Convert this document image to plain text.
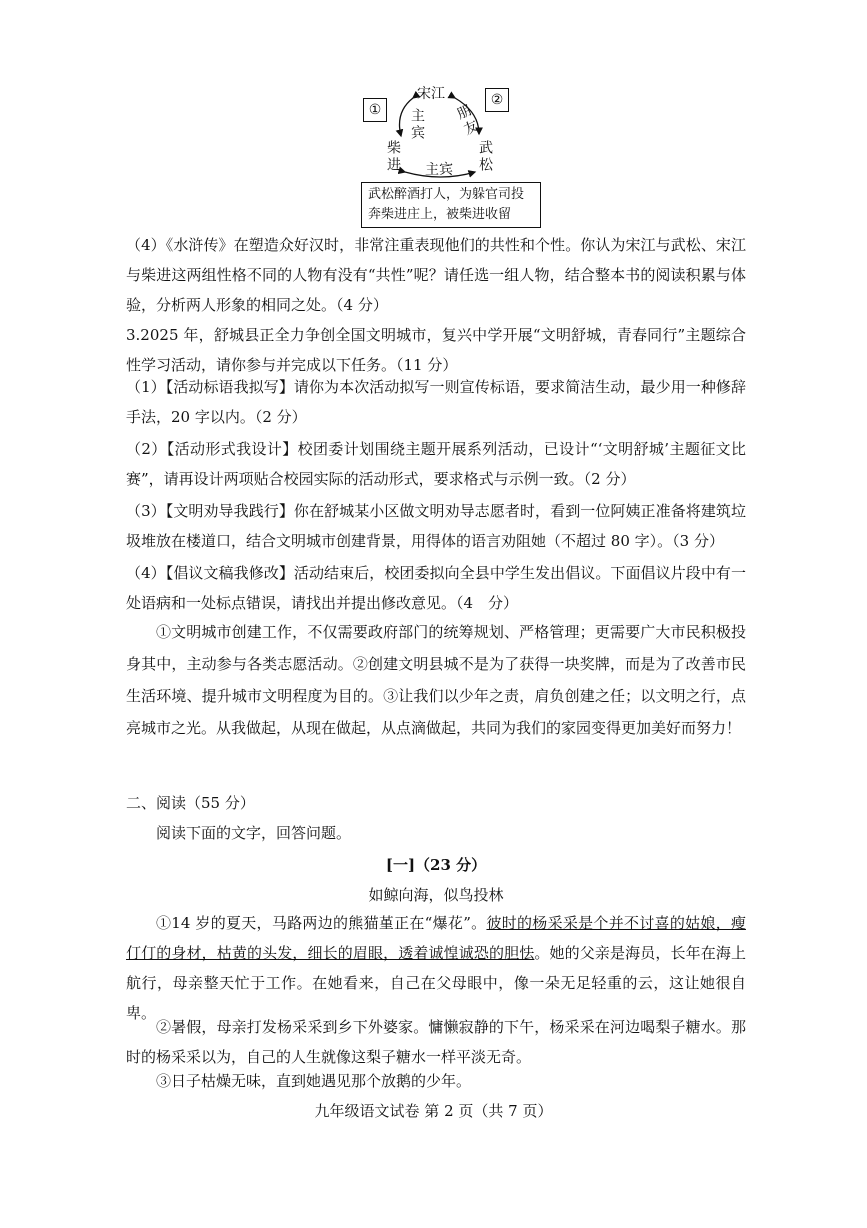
①
②
宋江
柴进	武松
主宾 朋友
主宾
武松醉酒打人，为躲官司投奔柴进庄上，被柴进收留
（4）《水浒传》在塑造众好汉时，非常注重表现他们的共性和个性。你认为宋江与武松、宋江与柴进这两组性格不同的人物有没有“共性”呢？请任选一组人物，结合整本书的阅读积累与体验，分析两人形象的相同之处。（4 分）
3.2025 年，舒城县正全力争创全国文明城市，复兴中学开展“文明舒城，青春同行”主题综合性学习活动，请你参与并完成以下任务。（11 分）
（1）【活动标语我拟写】请你为本次活动拟写一则宣传标语，要求简洁生动，最少用一种修辞手法，20 字以内。（2 分）
（2）【活动形式我设计】校团委计划围绕主题开展系列活动，已设计“‘文明舒城’主题征文比赛”，请再设计两项贴合校园实际的活动形式，要求格式与示例一致。（2 分）
（3）【文明劝导我践行】你在舒城某小区做文明劝导志愿者时，看到一位阿姨正准备将建筑垃圾堆放在楼道口，结合文明城市创建背景，用得体的语言劝阻她（不超过 80 字）。（3 分）
（4）【倡议文稿我修改】活动结束后，校团委拟向全县中学生发出倡议。下面倡议片段中有一处语病和一处标点错误，请找出并提出修改意见。（4　分）
①文明城市创建工作，不仅需要政府部门的统筹规划、严格管理；更需要广大市民积极投身其中，主动参与各类志愿活动。②创建文明县城不是为了获得一块奖牌，而是为了改善市民生活环境、提升城市文明程度为目的。③让我们以少年之责，肩负创建之任；以文明之行，点亮城市之光。从我做起，从现在做起，从点滴做起，共同为我们的家园变得更加美好而努力！
二、阅读（55 分）
阅读下面的文字，回答问题。
[一]（23 分）
如鲸向海，似鸟投林
①14 岁的夏天，马路两边的熊猫堇正在“爆花”。彼时的杨采采是个并不讨喜的姑娘，瘦仃仃的身材，枯黄的头发，细长的眉眼，透着诚惶诚恐的胆怯。她的父亲是海员，长年在海上航行，母亲整天忙于工作。在她看来，自己在父母眼中，像一朵无足轻重的云，这让她很自卑。
②暑假，母亲打发杨采采到乡下外婆家。慵懒寂静的下午，杨采采在河边喝梨子糖水。那时的杨采采以为，自己的人生就像这梨子糖水一样平淡无奇。
③日子枯燥无味，直到她遇见那个放鹅的少年。
九年级语文试卷 第 2 页（共 7 页）
